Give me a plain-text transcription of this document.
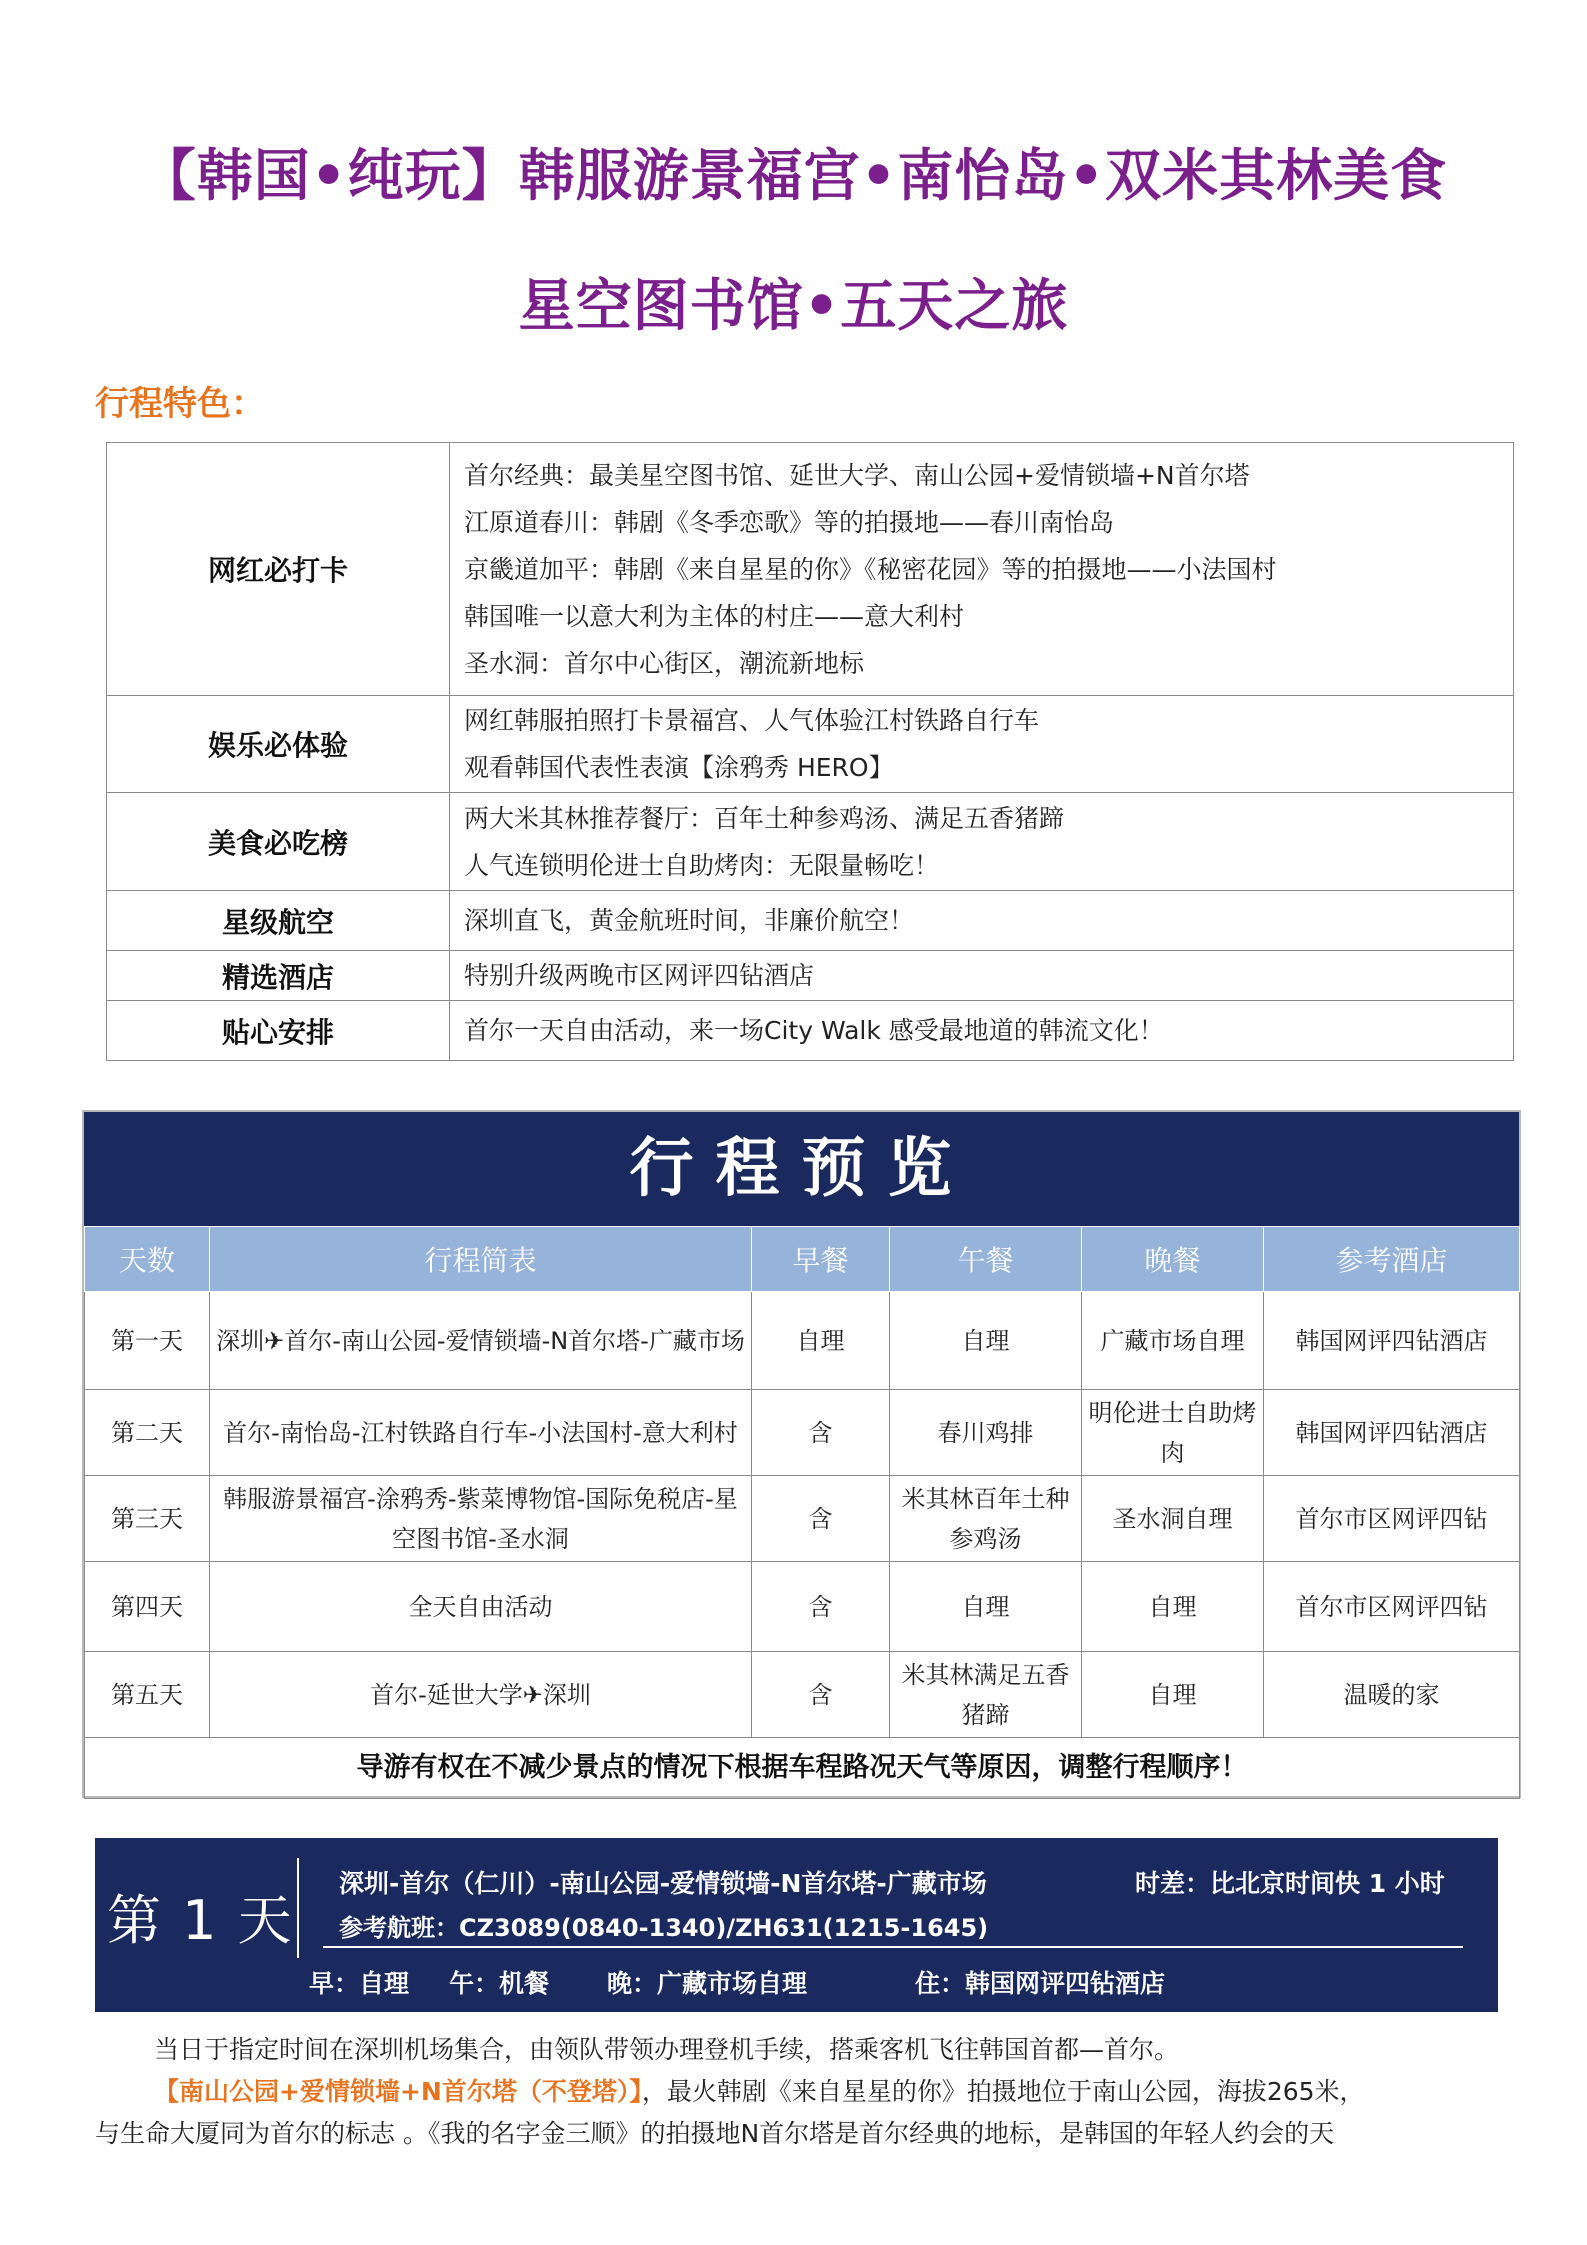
【韩国•纯玩】韩服游景福宫•南怡岛•双米其林美食
星空图书馆•五天之旅
行程特色：
网红必打卡	首尔经典：最美星空图书馆、延世大学、南山公园+爱情锁墙+N首尔塔
江原道春川：韩剧《冬季恋歌》等的拍摄地——春川南怡岛
京畿道加平：韩剧《来自星星的你》《秘密花园》等的拍摄地——小法国村
韩国唯一以意大利为主体的村庄——意大利村
圣水洞：首尔中心街区，潮流新地标

娱乐必体验	网红韩服拍照打卡景福宫、人气体验江村铁路自行车
观看韩国代表性表演【涂鸦秀 HERO】

美食必吃榜	两大米其林推荐餐厅：百年土种参鸡汤、满足五香猪蹄
人气连锁明伦进士自助烤肉：无限量畅吃！

星级航空	深圳直飞，黄金航班时间，非廉价航空！

精选酒店	特别升级两晚市区网评四钻酒店

贴心安排	首尔一天自由活动，来一场City Walk 感受最地道的韩流文化！
行程预览
天数	行程简表	早餐	午餐	晚餐	参考酒店
第一天	深圳✈首尔-南山公园-爱情锁墙-N首尔塔-广藏市场	自理	自理	广藏市场自理	韩国网评四钻酒店
第二天	首尔-南怡岛-江村铁路自行车-小法国村-意大利村	含	春川鸡排	明伦进士自助烤肉	韩国网评四钻酒店
第三天	韩服游景福宫-涂鸦秀-紫菜博物馆-国际免税店-星空图书馆-圣水洞	含	米其林百年土种参鸡汤	圣水洞自理	首尔市区网评四钻
第四天	全天自由活动	含	自理	自理	首尔市区网评四钻
第五天	首尔-延世大学✈深圳	含	米其林满足五香猪蹄	自理	温暖的家
导游有权在不减少景点的情况下根据车程路况天气等原因，调整行程顺序！					
第 1 天
深圳-首尔（仁川）-南山公园-爱情锁墙-N首尔塔-广藏市场	时差：比北京时间快 1 小时
参考航班：CZ3089(0840-1340)/ZH631(1215-1645)
早：自理 午：机餐 晚：广藏市场自理	住：韩国网评四钻酒店
当日于指定时间在深圳机场集合，由领队带领办理登机手续，搭乘客机飞往韩国首都—首尔。
【南山公园+爱情锁墙+N首尔塔（不登塔）】，最火韩剧《来自星星的你》拍摄地位于南山公园，海拔265米，
与生命大厦同为首尔的标志 。《我的名字金三顺》的拍摄地N首尔塔是首尔经典的地标，是韩国的年轻人约会的天
